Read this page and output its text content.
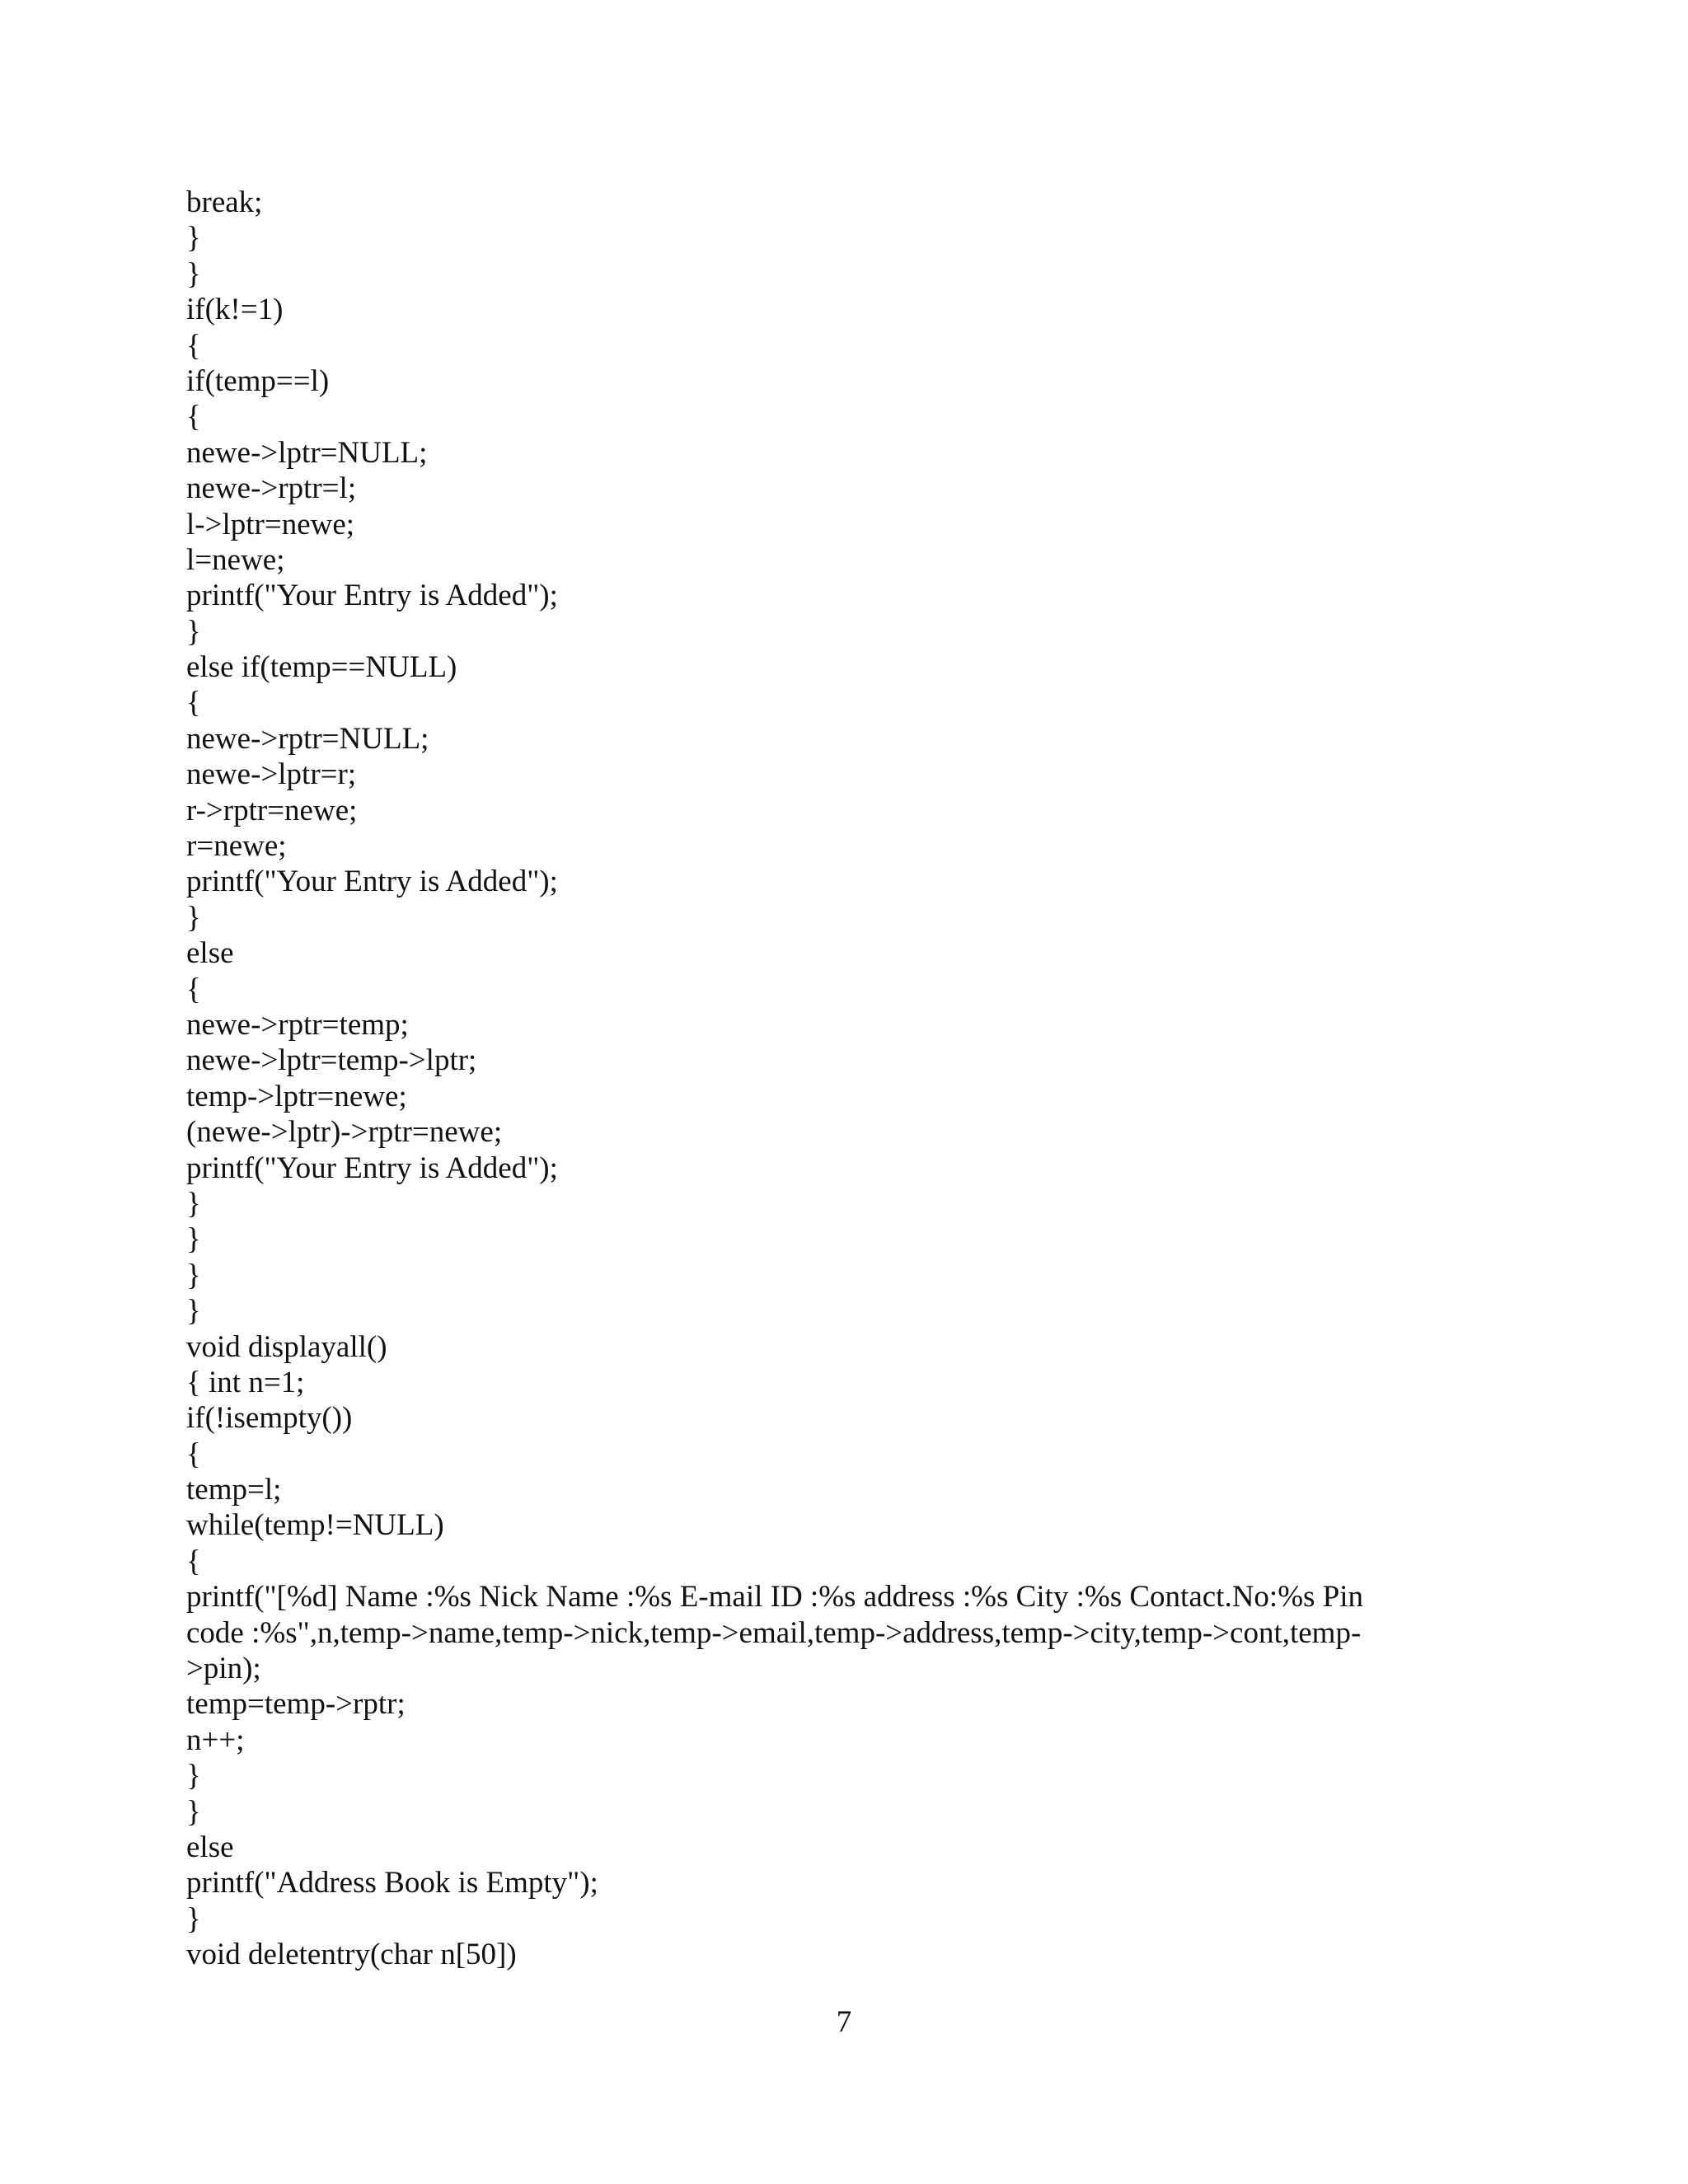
break;
}
}
if(k!=1)
{
if(temp==l)
{
newe->lptr=NULL;
newe->rptr=l;
l->lptr=newe;
l=newe;
printf("Your Entry is Added");
}
else if(temp==NULL)
{
newe->rptr=NULL;
newe->lptr=r;
r->rptr=newe;
r=newe;
printf("Your Entry is Added");
}
else
{
newe->rptr=temp;
newe->lptr=temp->lptr;
temp->lptr=newe;
(newe->lptr)->rptr=newe;
printf("Your Entry is Added");
}
}
}
}
void displayall()
{ int n=1;
if(!isempty())
{
temp=l;
while(temp!=NULL)
{
printf("[%d] Name :%s Nick Name :%s E-mail ID :%s address :%s City :%s Contact.No:%s Pin
code :%s",n,temp->name,temp->nick,temp->email,temp->address,temp->city,temp->cont,temp-
>pin);
temp=temp->rptr;
n++;
}
}
else
printf("Address Book is Empty");
}
void deletentry(char n[50])
7
